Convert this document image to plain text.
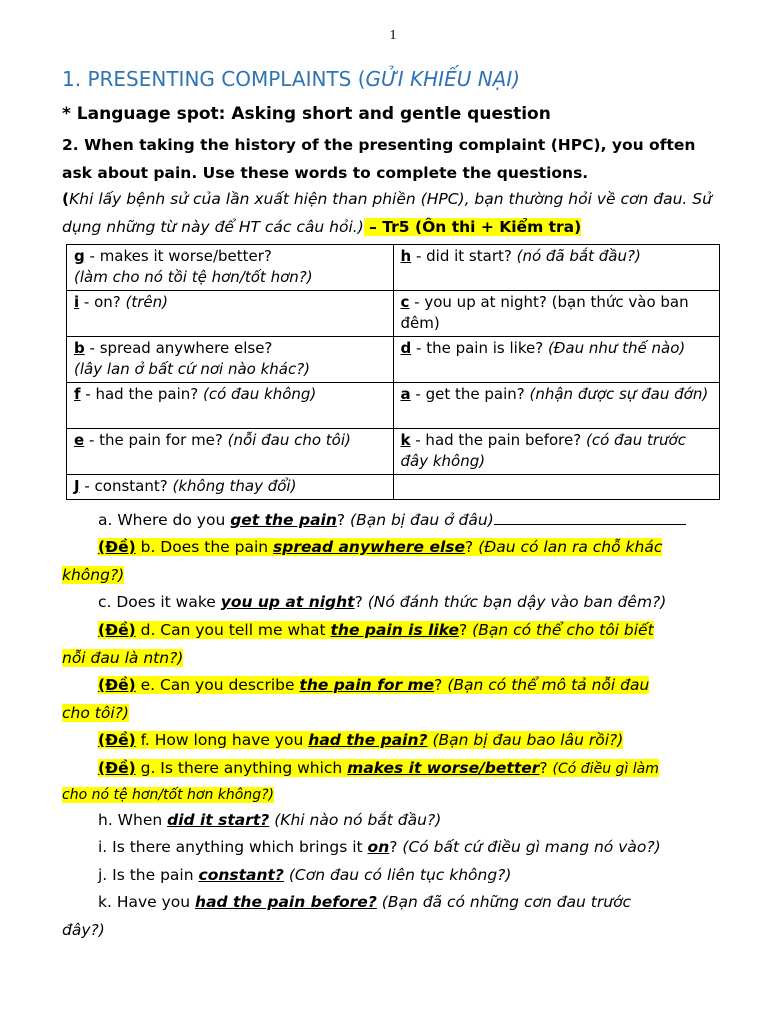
1
1. PRESENTING COMPLAINTS (GỬI KHIẾU NẠI)
* Language spot: Asking short and gentle question
2. When taking the history of the presenting complaint (HPC), you often ask about pain. Use these words to complete the questions.
(Khi lấy bệnh sử của lần xuất hiện than phiền (HPC), bạn thường hỏi về cơn đau. Sử dụng những từ này để HT các câu hỏi.) – Tr5 (Ôn thi + Kiểm tra)
g - makes it worse/better?
(làm cho nó tồi tệ hơn/tốt hơn?)	h - did it start? (nó đã bắt đầu?)
i - on? (trên)	c - you up at night? (bạn thức vào ban đêm)
b - spread anywhere else?
(lây lan ở bất cứ nơi nào khác?)	d - the pain is like? (Đau như thế nào)
f - had the pain? (có đau không)	a - get the pain? (nhận được sự đau đớn)
e - the pain for me? (nỗi đau cho tôi)	k - had the pain before? (có đau trước đây không)
J - constant? (không thay đổi)	
a. Where do you get the pain? (Bạn bị đau ở đâu)
(Đề) b. Does the pain spread anywhere else? (Đau có lan ra chỗ khác
không?)
c. Does it wake you up at night? (Nó đánh thức bạn dậy vào ban đêm?)
(Đề) d. Can you tell me what the pain is like? (Bạn có thể cho tôi biết
nỗi đau là ntn?)
(Đề) e. Can you describe the pain for me? (Bạn có thể mô tả nỗi đau
cho tôi?)
(Đề) f. How long have you had the pain? (Bạn bị đau bao lâu rồi?)
(Đề) g. Is there anything which makes it worse/better? (Có điều gì làm
cho nó tệ hơn/tốt hơn không?)
h. When did it start? (Khi nào nó bắt đầu?)
i. Is there anything which brings it on? (Có bất cứ điều gì mang nó vào?)
j. Is the pain constant? (Cơn đau có liên tục không?)
k. Have you had the pain before? (Bạn đã có những cơn đau trước
đây?)
